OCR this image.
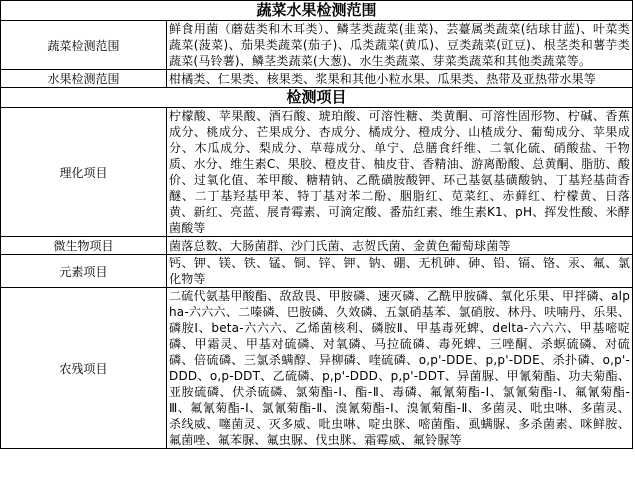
蔬菜水果检测范围	
蔬菜检测范围	鲜食用菌（蘑菇类和木耳类）、鳞茎类蔬菜(韭菜)、芸薹属类蔬菜(结球甘蓝)、叶菜类蔬菜(菠菜)、茄果类蔬菜(茄子)、瓜类蔬菜(黄瓜)、豆类蔬菜(豇豆)、根茎类和薯芋类蔬菜(马铃薯)、鳞茎类蔬菜(大葱)、水生类蔬菜、芽菜类蔬菜和其他类蔬菜等。
水果检测范围	柑橘类、仁果类、核果类、浆果和其他小粒水果、瓜果类、热带及亚热带水果等
检测项目	
理化项目	柠檬酸、苹果酸、酒石酸、琥珀酸、可溶性糖、类黄酮、可溶性固形物、柠碱、香蕉成分、桃成分、芒果成分、杏成分、橘成分、橙成分、山楂成分、葡萄成分、苹果成分、木瓜成分、梨成分、草莓成分、单宁、总膳食纤维、二氧化硫、硝酸盐、干物质、水分、维生素C、果胶、橙皮苷、柚皮苷、香精油、游离酚酸、总黄酮、脂肪、酸价、过氧化值、苯甲酸、糖精钠、乙酰磺胺酸钾、环己基氨基磺酸钠、丁基羟基茴香醚、二丁基羟基甲苯、特丁基对苯二酚、胭脂红、苋菜红、赤藓红、柠檬黄、日落黄、新红、亮蓝、展青霉素、可滴定酸、番茄红素、维生素K1、pH、挥发性酸、米酵菌酸等
微生物项目	菌落总数、大肠菌群、沙门氏菌、志贺氏菌、金黄色葡萄球菌等
元素项目	钙、钾、镁、铁、锰、铜、锌、钾、钠、硼、无机砷、砷、铅、镉、铬、汞、氟、氯化物等
农残项目	二硫代氨基甲酸酯、敌敌畏、甲胺磷、速灭磷、乙酰甲胺磷、氧化乐果、甲拌磷、alpha-六六六、二嗪磷、巴胺磷、久效磷、五氯硝基苯、氯硝胺、林丹、呋喃丹、乐果、磷胺Ⅰ、beta-六六六、乙烯菌核利、磷胺Ⅱ、甲基毒死蜱、delta-六六六、甲基嘧啶磷、甲霜灵、甲基对硫磷、对氧磷、马拉硫磷、毒死蜱、三唑酮、杀螟硫磷、对硫磷、倍硫磷、三氯杀螨醇、异柳磷、喹硫磷、o,p'-DDE、p,p'-DDE、杀扑磷、o,p'-DDD、o,p-DDT、乙硫磷、p,p'-DDD、p,p'-DDT、异菌脲、甲氰菊酯、功夫菊酯、亚胺硫磷、伏杀硫磷、氯菊酯-Ⅰ、酯-Ⅱ、毒磷、氟氰菊酯-Ⅰ、氯氰菊酯-Ⅰ、氟氰菊酯-Ⅲ、氟氰菊酯-Ⅰ、氯氰菊酯-Ⅱ、溴氰菊酯-Ⅰ、溴氰菊酯-Ⅱ、多菌灵、吡虫啉、多菌灵、杀线威、噻菌灵、灭多威、吡虫啉、啶虫脒、嘧菌酯、虱螨脲、多杀菌素、咪鲜胺、氟菌唑、氟苯脲、氟虫脲、伐虫脒、霜霉威、氟铃脲等
